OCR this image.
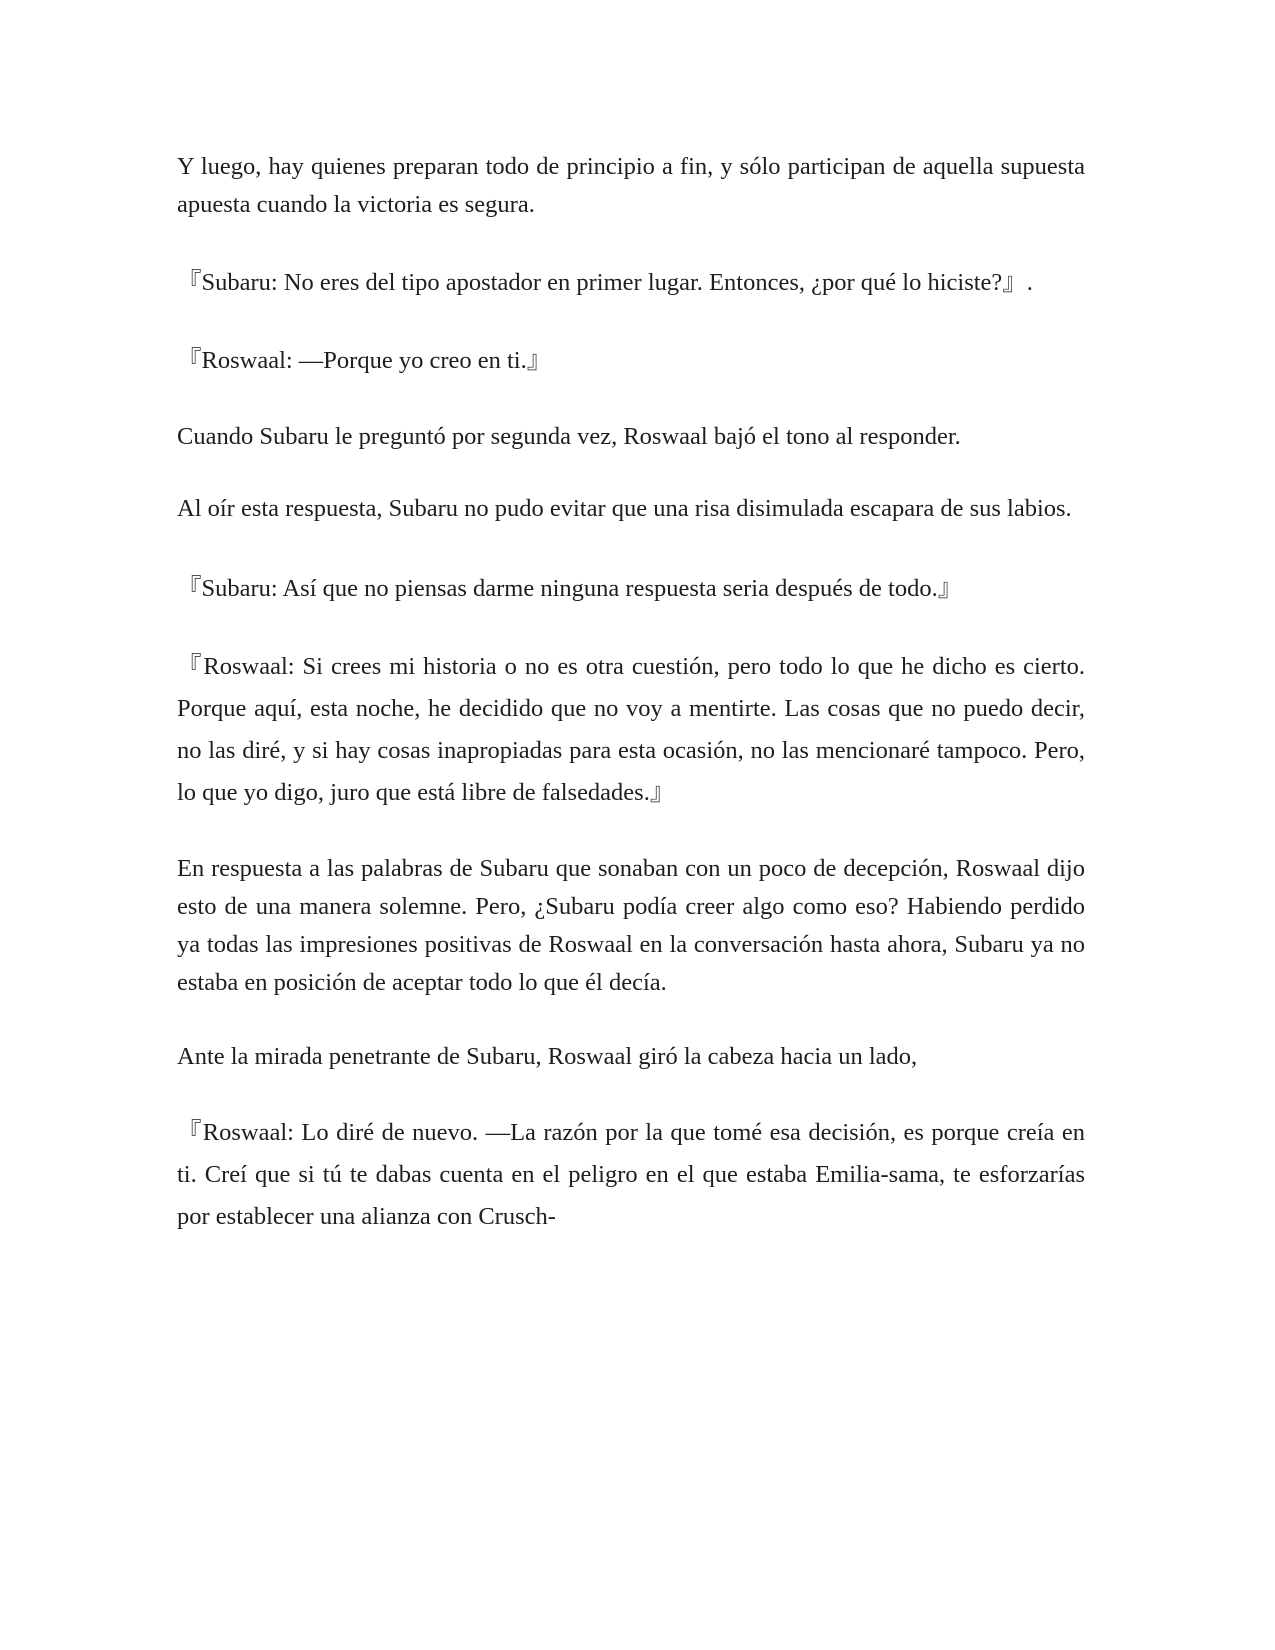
Y luego, hay quienes preparan todo de principio a fin, y sólo participan de aquella supuesta apuesta cuando la victoria es segura.

『Subaru: No eres del tipo apostador en primer lugar. Entonces, ¿por qué lo hiciste?』.

『Roswaal: —Porque yo creo en ti.』

Cuando Subaru le preguntó por segunda vez, Roswaal bajó el tono al responder.

Al oír esta respuesta, Subaru no pudo evitar que una risa disimulada escapara de sus labios.

『Subaru: Así que no piensas darme ninguna respuesta seria después de todo.』

『Roswaal: Si crees mi historia o no es otra cuestión, pero todo lo que he dicho es cierto. Porque aquí, esta noche, he decidido que no voy a mentirte. Las cosas que no puedo decir, no las diré, y si hay cosas inapropiadas para esta ocasión, no las mencionaré tampoco. Pero, lo que yo digo, juro que está libre de falsedades.』

En respuesta a las palabras de Subaru que sonaban con un poco de decepción, Roswaal dijo esto de una manera solemne. Pero, ¿Subaru podía creer algo como eso? Habiendo perdido ya todas las impresiones positivas de Roswaal en la conversación hasta ahora, Subaru ya no estaba en posición de aceptar todo lo que él decía.

Ante la mirada penetrante de Subaru, Roswaal giró la cabeza hacia un lado,

『Roswaal: Lo diré de nuevo. —La razón por la que tomé esa decisión, es porque creía en ti. Creí que si tú te dabas cuenta en el peligro en el que estaba Emilia-sama, te esforzarías por establecer una alianza con Crusch-
